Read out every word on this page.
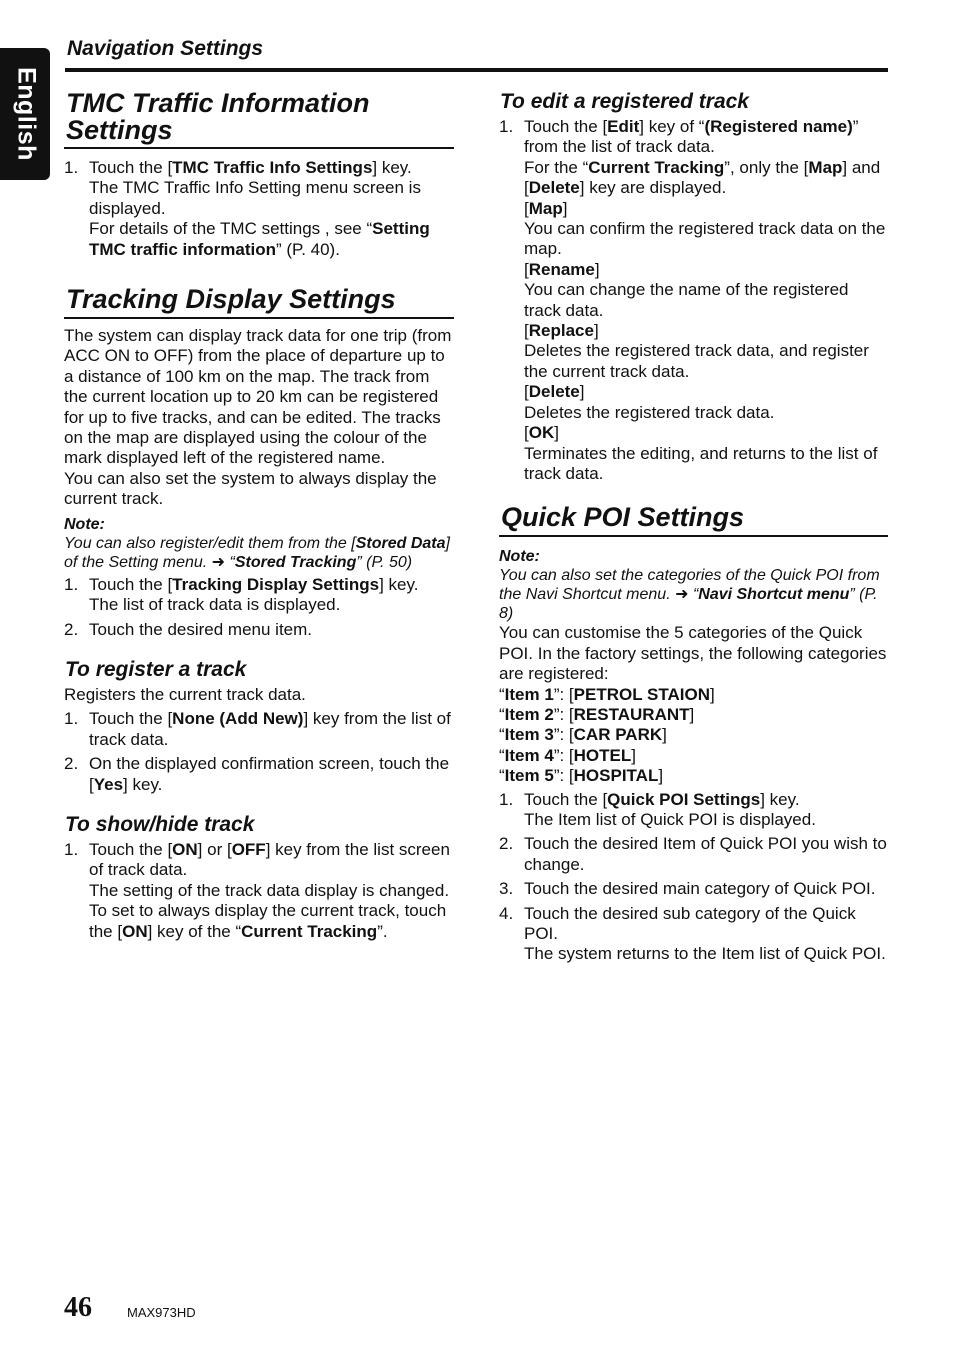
English
Navigation Settings
TMC Traffic Information Settings
1. Touch the [TMC Traffic Info Settings] key.
The TMC Traffic Info Setting menu screen is displayed.
For details of the TMC settings , see “Setting TMC traffic information” (P. 40).
Tracking Display Settings

The system can display track data for one trip (from ACC ON to OFF) from the place of departure up to a distance of 100 km on the map. The track from the current location up to 20 km can be registered for up to five tracks, and can be edited. The tracks on the map are displayed using the colour of the mark displayed left of the registered name.

You can also set the system to always display the current track.

Note:
You can also register/edit them from the [Stored Data] of the Setting menu. ➜ “Stored Tracking” (P. 50)
1. Touch the [Tracking Display Settings] key.
The list of track data is displayed.
2. Touch the desired menu item.
To register a track

Registers the current track data.

1. Touch the [None (Add New)] key from the list of track data.
2. On the displayed confirmation screen, touch the [Yes] key.
To show/hide track
1. Touch the [ON] or [OFF] key from the list screen of track data.
The setting of the track data display is changed. To set to always display the current track, touch the [ON] key of the “Current Tracking”.
To edit a registered track
1. Touch the [Edit] key of “(Registered name)” from the list of track data.
For the “Current Tracking”, only the [Map] and [Delete] key are displayed.
[Map]
You can confirm the registered track data on the map.
[Rename]
You can change the name of the registered track data.
[Replace]
Deletes the registered track data, and register the current track data.
[Delete]
Deletes the registered track data.
[OK]
Terminates the editing, and returns to the list of track data.
Quick POI Settings
Note:
You can also set the categories of the Quick POI from the Navi Shortcut menu. ➜ “Navi Shortcut menu” (P. 8)

You can customise the 5 categories of the Quick POI. In the factory settings, the following categories are registered:

“Item 1”: [PETROL STAION]
“Item 2”: [RESTAURANT]
“Item 3”: [CAR PARK]
“Item 4”: [HOTEL]
“Item 5”: [HOSPITAL]
1. Touch the [Quick POI Settings] key.
The Item list of Quick POI is displayed.
2. Touch the desired Item of Quick POI you wish to change.
3. Touch the desired main category of Quick POI.
4. Touch the desired sub category of the Quick POI.
The system returns to the Item list of Quick POI.
46	MAX973HD
